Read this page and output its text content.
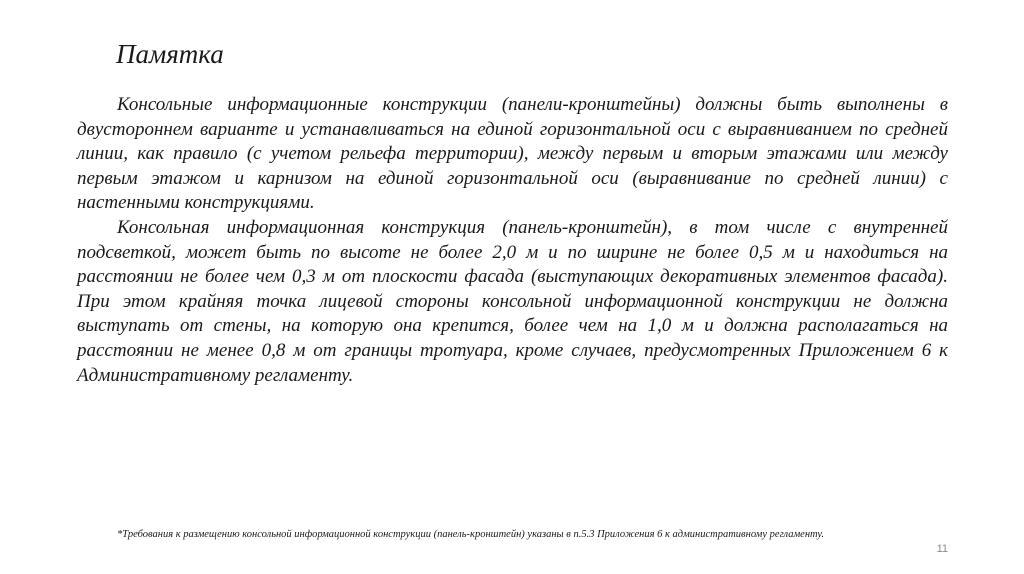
Памятка

Консольные информационные конструкции (панели-кронштейны) должны быть выполнены в двустороннем варианте и устанавливаться на единой горизонтальной оси с выравниванием по средней линии, как правило (с учетом рельефа территории), между первым и вторым этажами или между первым этажом и карнизом на единой горизонтальной оси (выравнивание по средней линии) с настенными конструкциями.

Консольная информационная конструкция (панель-кронштейн), в том числе с внутренней подсветкой, может быть по высоте не более 2,0 м и по ширине не более 0,5 м и находиться на расстоянии не более чем 0,3 м от плоскости фасада (выступающих декоративных элементов фасада). При этом крайняя точка лицевой стороны консольной информационной конструкции не должна выступать от стены, на которую она крепится, более чем на 1,0 м и должна располагаться на расстоянии не менее 0,8 м от границы тротуара, кроме случаев, предусмотренных Приложением 6 к Административному регламенту.

*Требования к размещению консольной информационной конструкции (панель-кронштейн) указаны в п.5.3 Приложения 6 к административному регламенту.
11
